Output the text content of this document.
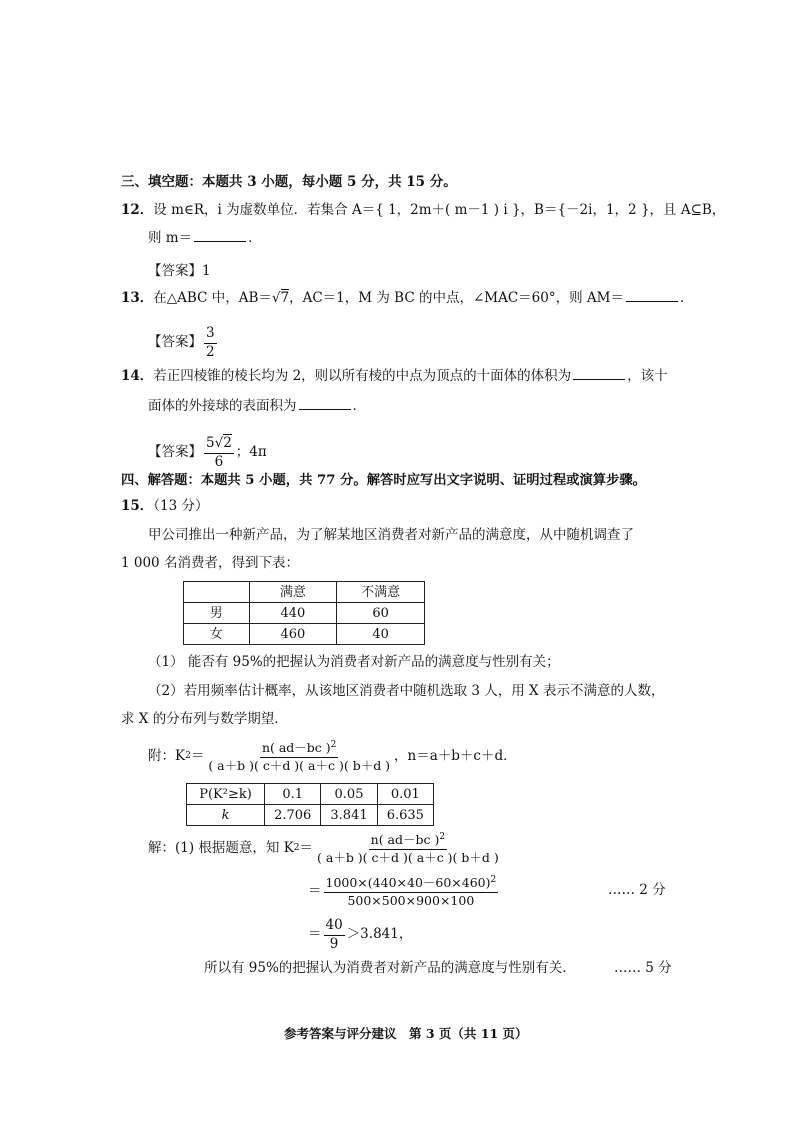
三、填空题：本题共 3 小题，每小题 5 分，共 15 分。
12．设 m∈R，i 为虚数单位．若集合 A＝{ 1，2m＋( m－1 ) i }，B＝{－2i，1，2 }，且 A⊆B，
则 m＝	．
【答案】1
13．在△ABC 中，AB＝√7，AC＝1，M 为 BC 的中点，∠MAC＝60°，则 AM＝	．
【答案】 $\frac{3}{2}$
14．若正四棱锥的棱长均为 2，则以所有棱的中点为顶点的十面体的体积为	，该十
面体的外接球的表面积为	．
【答案】 $\frac{5√2}{6}$ ；4π
四、解答题：本题共 5 小题，共 77 分。解答时应写出文字说明、证明过程或演算步骤。
15．（13 分）
甲公司推出一种新产品，为了解某地区消费者对新产品的满意度，从中随机调查了
1 000 名消费者，得到下表：
	满意	不满意
男	440	60
女	460	40
（1） 能否有 95%的把握认为消费者对新产品的满意度与性别有关；
（2）若用频率估计概率，从该地区消费者中随机选取 3 人，用 X 表示不满意的人数，
求 X 的分布列与数学期望．
附：K $2 = \frac{n( ad-bc )^2}{( a+b )( c+d )( a+c )( b+d )}$ ，n＝a＋b＋c＋d．
P(K²≥k)	0.1	0.05	0.01
k	2.706	3.841	6.635
解：(1) 根据题意，知 K $2 = \frac{n( ad-bc )^2}{( a+b )( c+d )( a+c )( b+d )}$
＝ $\frac{1000\times(440\times 40-60\times 460)^2}{500\times 500\times 900\times 100}$	…… 2 分
＝ $\frac{40}{9} >3.841$，
所以有 95%的把握认为消费者对新产品的满意度与性别有关．	…… 5 分
参考答案与评分建议　第 3 页（共 11 页）
